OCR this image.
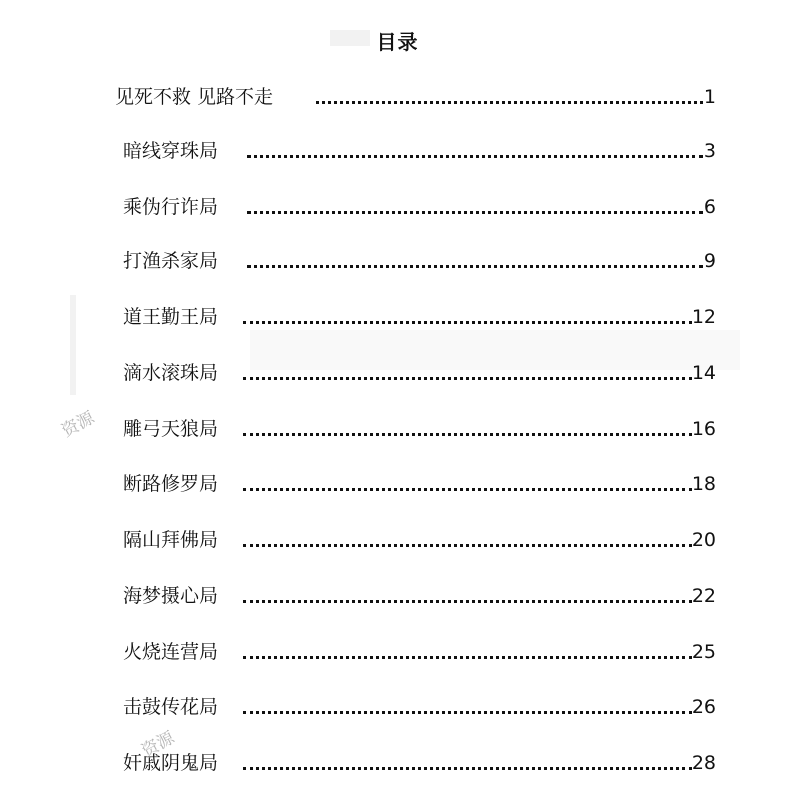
目录
见死不救 见路不走	1
暗线穿珠局	3
乘伪行诈局	6
打渔杀家局	9
道王勤王局	12
滴水滚珠局	14
雕弓天狼局	16
断路修罗局	18
隔山拜佛局	20
海梦摄心局	22
火烧连营局	25
击鼓传花局	26
奸戚阴鬼局	28
资源
资源
